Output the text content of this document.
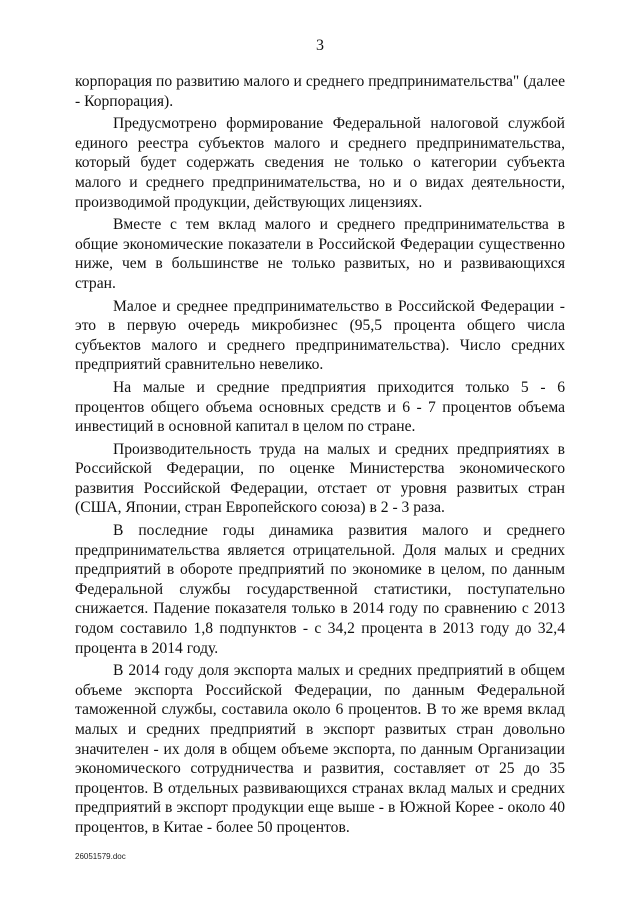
3

корпорация по развитию малого и среднего предпринимательства" (далее - Корпорация).

Предусмотрено формирование Федеральной налоговой службой единого реестра субъектов малого и среднего предпринимательства, который будет содержать сведения не только о категории субъекта малого и среднего предпринимательства, но и о видах деятельности, производимой продукции, действующих лицензиях.

Вместе с тем вклад малого и среднего предпринимательства в общие экономические показатели в Российской Федерации существенно ниже, чем в большинстве не только развитых, но и развивающихся стран.

Малое и среднее предпринимательство в Российской Федерации - это в первую очередь микробизнес (95,5 процента общего числа субъектов малого и среднего предпринимательства). Число средних предприятий сравнительно невелико.

На малые и средние предприятия приходится только 5 - 6 процентов общего объема основных средств и 6 - 7 процентов объема инвестиций в основной капитал в целом по стране.

Производительность труда на малых и средних предприятиях в Российской Федерации, по оценке Министерства экономического развития Российской Федерации, отстает от уровня развитых стран (США, Японии, стран Европейского союза) в 2 - 3 раза.

В последние годы динамика развития малого и среднего предпринимательства является отрицательной. Доля малых и средних предприятий в обороте предприятий по экономике в целом, по данным Федеральной службы государственной статистики, поступательно снижается. Падение показателя только в 2014 году по сравнению с 2013 годом составило 1,8 подпунктов - с 34,2 процента в 2013 году до 32,4 процента в 2014 году.

В 2014 году доля экспорта малых и средних предприятий в общем объеме экспорта Российской Федерации, по данным Федеральной таможенной службы, составила около 6 процентов. В то же время вклад малых и средних предприятий в экспорт развитых стран довольно значителен - их доля в общем объеме экспорта, по данным Организации экономического сотрудничества и развития, составляет от 25 до 35 процентов. В отдельных развивающихся странах вклад малых и средних предприятий в экспорт продукции еще выше - в Южной Корее - около 40 процентов, в Китае - более 50 процентов.

26051579.doc
